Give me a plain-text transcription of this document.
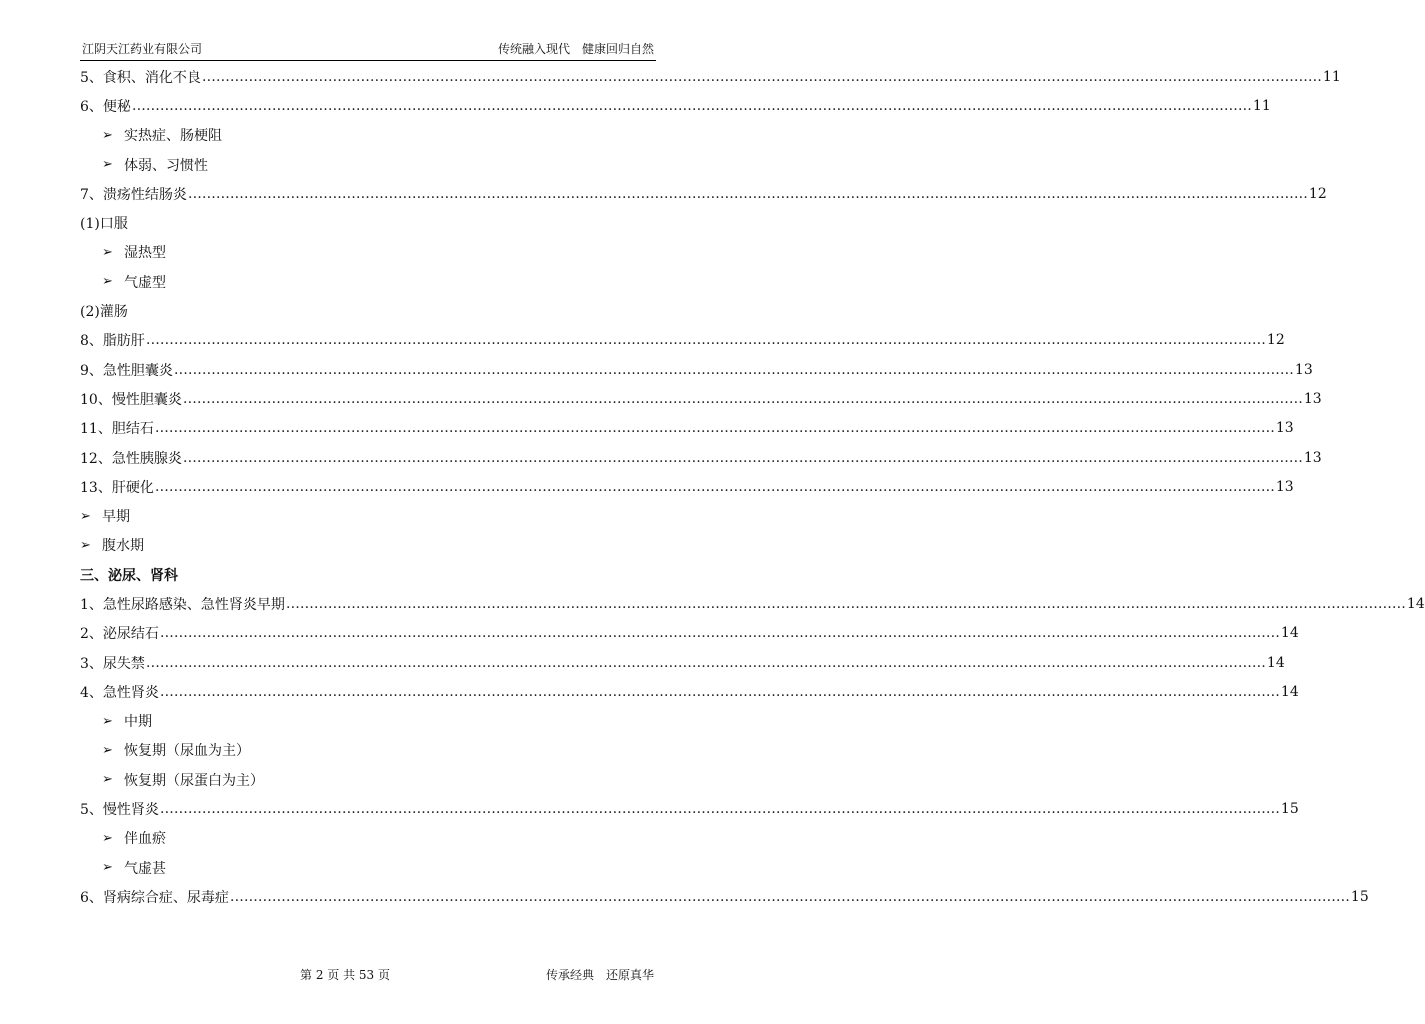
江阴天江药业有限公司	传统融入现代　健康回归自然
5、 食积、消化不良 …………………………………………………………………………………………………………………………………………………………………………………………………………………… 11
6、 便秘 …………………………………………………………………………………………………………………………………………………………………………………………………………………… 11
➢ 实热症、肠梗阻
➢ 体弱、习惯性
7、 溃疡性结肠炎 …………………………………………………………………………………………………………………………………………………………………………………………………………………… 12
(1)口服
➢ 湿热型
➢ 气虚型
(2)灌肠
8、 脂肪肝 …………………………………………………………………………………………………………………………………………………………………………………………………………………… 12
9、 急性胆囊炎 …………………………………………………………………………………………………………………………………………………………………………………………………………………… 13
10、 慢性胆囊炎 …………………………………………………………………………………………………………………………………………………………………………………………………………………… 13
11、 胆结石 …………………………………………………………………………………………………………………………………………………………………………………………………………………… 13
12、 急性胰腺炎 …………………………………………………………………………………………………………………………………………………………………………………………………………………… 13
13、 肝硬化 …………………………………………………………………………………………………………………………………………………………………………………………………………………… 13
➢ 早期
➢ 腹水期
三、泌尿、肾科
1、 急性尿路感染、急性肾炎早期 …………………………………………………………………………………………………………………………………………………………………………………………………………………… 14
2、 泌尿结石 …………………………………………………………………………………………………………………………………………………………………………………………………………………… 14
3、 尿失禁 …………………………………………………………………………………………………………………………………………………………………………………………………………………… 14
4、 急性肾炎 …………………………………………………………………………………………………………………………………………………………………………………………………………………… 14
➢ 中期
➢ 恢复期（尿血为主）
➢ 恢复期（尿蛋白为主）
5、 慢性肾炎 …………………………………………………………………………………………………………………………………………………………………………………………………………………… 15
➢ 伴血瘀
➢ 气虚甚
6、 肾病综合症、尿毒症 …………………………………………………………………………………………………………………………………………………………………………………………………………………… 15
第 2 页 共 53 页	传承经典　还原真华
